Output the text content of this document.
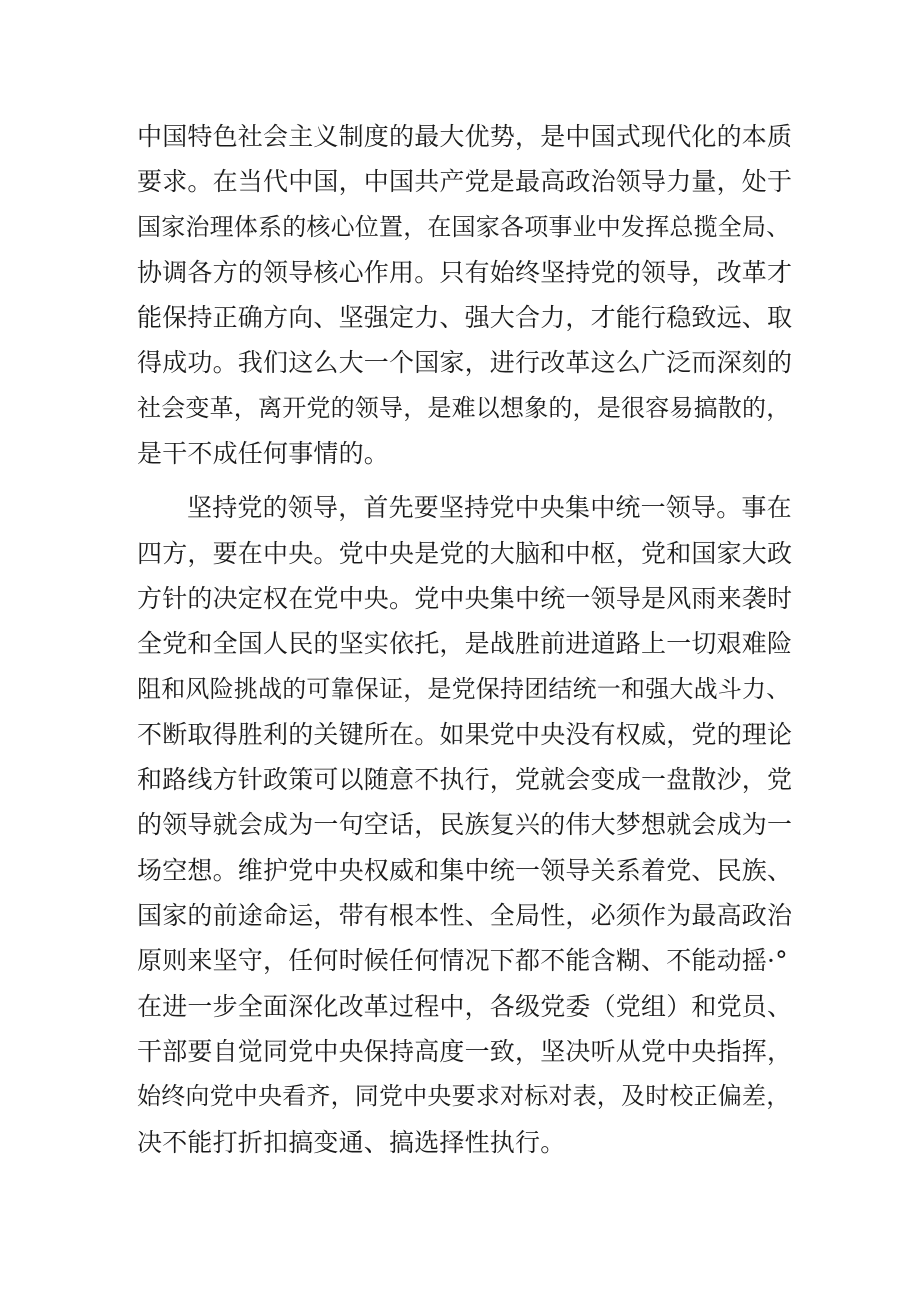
中国特色社会主义制度的最大优势，是中国式现代化的本质
要求。在当代中国，中国共产党是最高政治领导力量，处于
国家治理体系的核心位置，在国家各项事业中发挥总揽全局、
协调各方的领导核心作用。只有始终坚持党的领导，改革才
能保持正确方向、坚强定力、强大合力，才能行稳致远、取
得成功。我们这么大一个国家，进行改革这么广泛而深刻的
社会变革，离开党的领导，是难以想象的，是很容易搞散的，
是干不成任何事情的。
坚持党的领导，首先要坚持党中央集中统一领导。事在
四方，要在中央。党中央是党的大脑和中枢，党和国家大政
方针的决定权在党中央。党中央集中统一领导是风雨来袭时
全党和全国人民的坚实依托，是战胜前进道路上一切艰难险
阻和风险挑战的可靠保证，是党保持团结统一和强大战斗力、
不断取得胜利的关键所在。如果党中央没有权威，党的理论
和路线方针政策可以随意不执行，党就会变成一盘散沙，党
的领导就会成为一句空话，民族复兴的伟大梦想就会成为一
场空想。维护党中央权威和集中统一领导关系着党、民族、
国家的前途命运，带有根本性、全局性，必须作为最高政治
原则来坚守，任何时候任何情况下都不能含糊、不能动摇·°
在进一步全面深化改革过程中，各级党委（党组）和党员、
干部要自觉同党中央保持高度一致，坚决听从党中央指挥，
始终向党中央看齐，同党中央要求对标对表，及时校正偏差，
决不能打折扣搞变通、搞选择性执行。
